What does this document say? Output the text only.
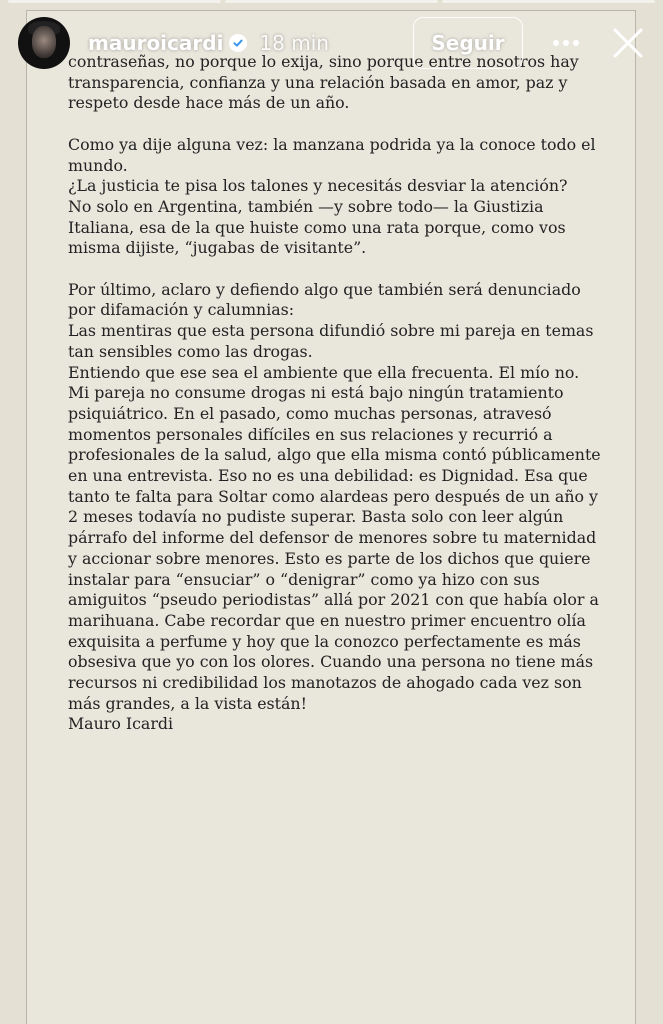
contraseñas, no porque lo exija, sino porque entre nosotros hay transparencia, confianza y una relación basada en amor, paz y respeto desde hace más de un año.

Como ya dije alguna vez: la manzana podrida ya la conoce todo el mundo.

¿La justicia te pisa los talones y necesitás desviar la atención?

No solo en Argentina, también —y sobre todo— la Giustizia Italiana, esa de la que huiste como una rata porque, como vos misma dijiste, “jugabas de visitante”.

Por último, aclaro y defiendo algo que también será denunciado por difamación y calumnias:

Las mentiras que esta persona difundió sobre mi pareja en temas tan sensibles como las drogas.

Entiendo que ese sea el ambiente que ella frecuenta. El mío no.

Mi pareja no consume drogas ni está bajo ningún tratamiento psiquiátrico. En el pasado, como muchas personas, atravesó momentos personales difíciles en sus relaciones y recurrió a profesionales de la salud, algo que ella misma contó públicamente en una entrevista. Eso no es una debilidad: es Dignidad. Esa que tanto te falta para Soltar como alardeas pero después de un año y 2 meses todavía no pudiste superar. Basta solo con leer algún párrafo del informe del defensor de menores sobre tu maternidad y accionar sobre menores. Esto es parte de los dichos que quiere instalar para “ensuciar” o “denigrar” como ya hizo con sus amiguitos “pseudo periodistas” allá por 2021 con que había olor a marihuana. Cabe recordar que en nuestro primer encuentro olía exquisita a perfume y hoy que la conozco perfectamente es más obsesiva que yo con los olores. Cuando una persona no tiene más recursos ni credibilidad los manotazos de ahogado cada vez son más grandes, a la vista están!

Mauro Icardi

mauroicardi 18 min	Seguir
